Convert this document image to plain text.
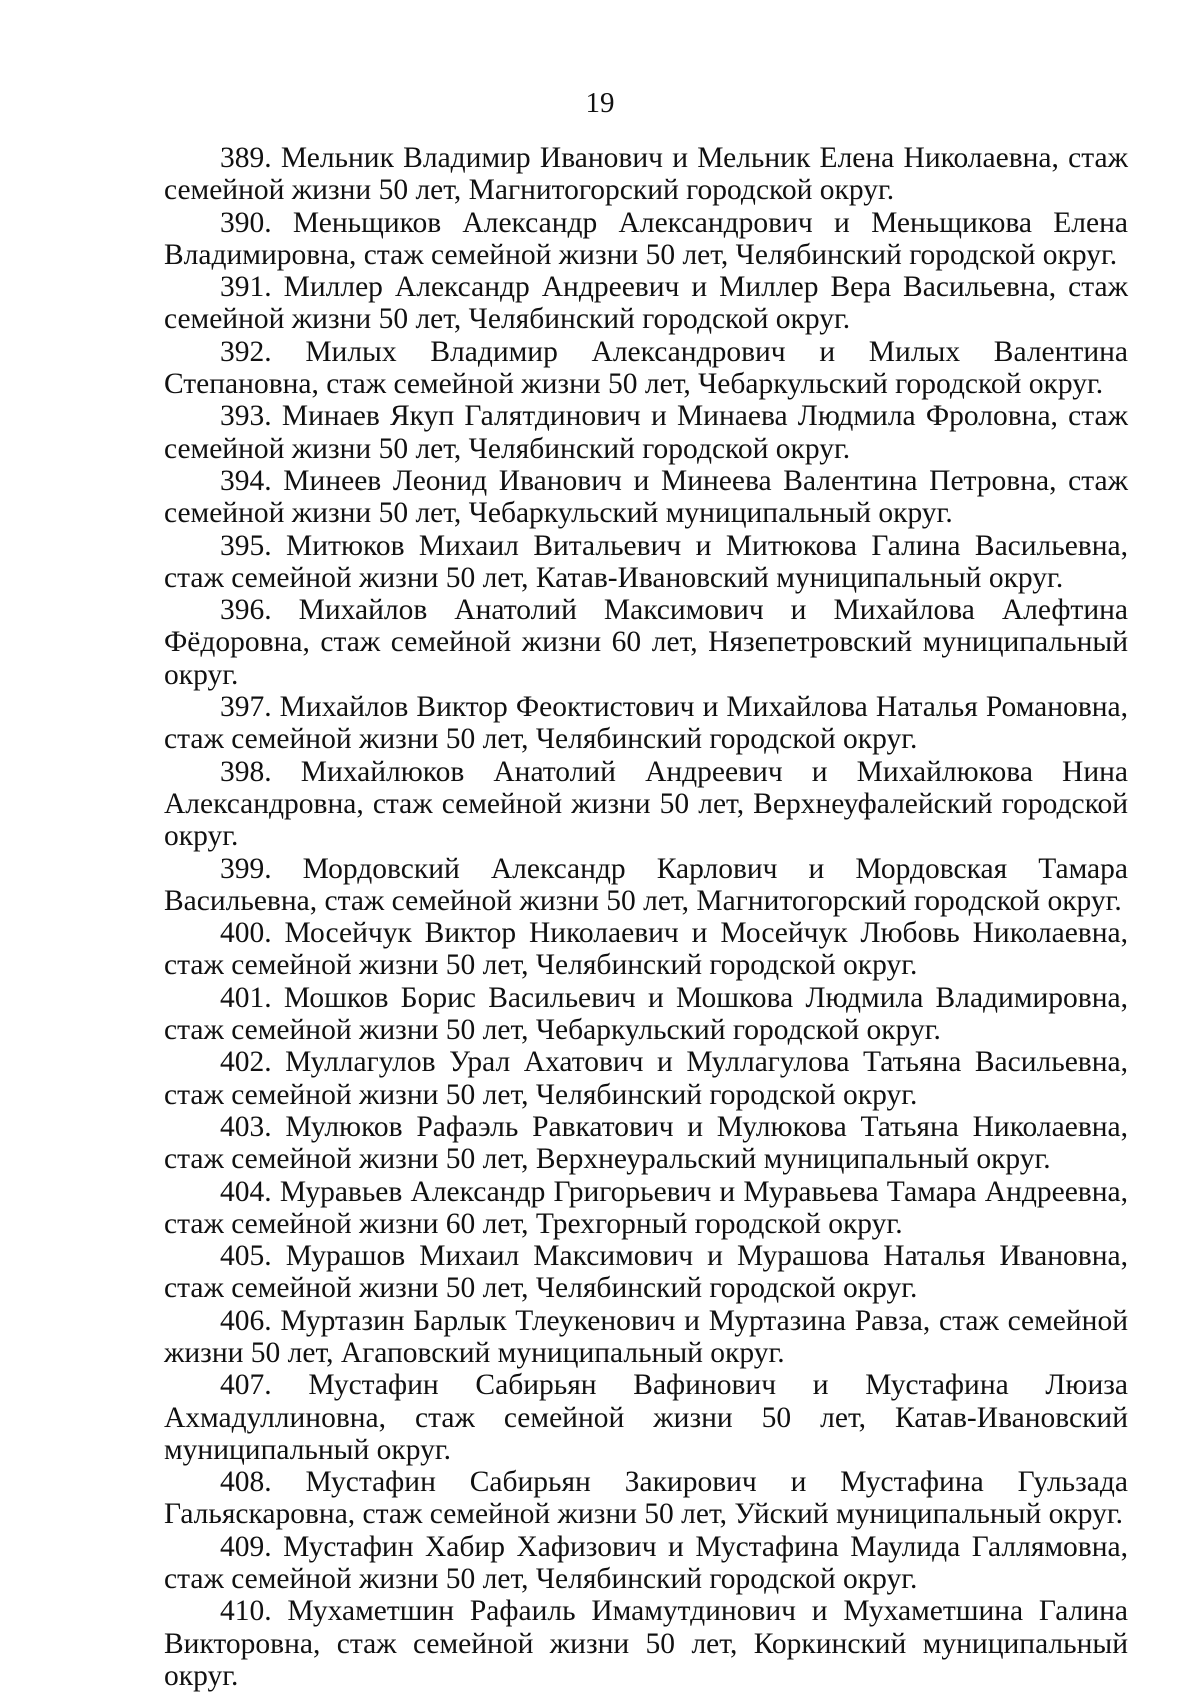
19
389. Мельник Владимир Иванович и Мельник Елена Николаевна, стаж семейной жизни 50 лет, Магнитогорский городской округ.
390. Меньщиков Александр Александрович и Меньщикова Елена Владимировна, стаж семейной жизни 50 лет, Челябинский городской округ.
391. Миллер Александр Андреевич и Миллер Вера Васильевна, стаж семейной жизни 50 лет, Челябинский городской округ.
392. Милых Владимир Александрович и Милых Валентина Степановна, стаж семейной жизни 50 лет, Чебаркульский городской округ.
393. Минаев Якуп Галятдинович и Минаева Людмила Фроловна, стаж семейной жизни 50 лет, Челябинский городской округ.
394. Минеев Леонид Иванович и Минеева Валентина Петровна, стаж семейной жизни 50 лет, Чебаркульский муниципальный округ.
395. Митюков Михаил Витальевич и Митюкова Галина Васильевна, стаж семейной жизни 50 лет, Катав-Ивановский муниципальный округ.
396. Михайлов Анатолий Максимович и Михайлова Алефтина Фёдоровна, стаж семейной жизни 60 лет, Нязепетровский муниципальный округ.
397. Михайлов Виктор Феоктистович и Михайлова Наталья Романовна, стаж семейной жизни 50 лет, Челябинский городской округ.
398. Михайлюков Анатолий Андреевич и Михайлюкова Нина Александровна, стаж семейной жизни 50 лет, Верхнеуфалейский городской округ.
399. Мордовский Александр Карлович и Мордовская Тамара Васильевна, стаж семейной жизни 50 лет, Магнитогорский городской округ.
400. Мосейчук Виктор Николаевич и Мосейчук Любовь Николаевна, стаж семейной жизни 50 лет, Челябинский городской округ.
401. Мошков Борис Васильевич и Мошкова Людмила Владимировна, стаж семейной жизни 50 лет, Чебаркульский городской округ.
402. Муллагулов Урал Ахатович и Муллагулова Татьяна Васильевна, стаж семейной жизни 50 лет, Челябинский городской округ.
403. Мулюков Рафаэль Равкатович и Мулюкова Татьяна Николаевна, стаж семейной жизни 50 лет, Верхнеуральский муниципальный округ.
404. Муравьев Александр Григорьевич и Муравьева Тамара Андреевна, стаж семейной жизни 60 лет, Трехгорный городской округ.
405. Мурашов Михаил Максимович и Мурашова Наталья Ивановна, стаж семейной жизни 50 лет, Челябинский городской округ.
406. Муртазин Барлык Тлеукенович и Муртазина Равза, стаж семейной жизни 50 лет, Агаповский муниципальный округ.
407. Мустафин Сабирьян Вафинович и Мустафина Люиза Ахмадуллиновна, стаж семейной жизни 50 лет, Катав-Ивановский муниципальный округ.
408. Мустафин Сабирьян Закирович и Мустафина Гульзада Гальяскаровна, стаж семейной жизни 50 лет, Уйский муниципальный округ.
409. Мустафин Хабир Хафизович и Мустафина Маулида Галлямовна, стаж семейной жизни 50 лет, Челябинский городской округ.
410. Мухаметшин Рафаиль Имамутдинович и Мухаметшина Галина Викторовна, стаж семейной жизни 50 лет, Коркинский муниципальный округ.
